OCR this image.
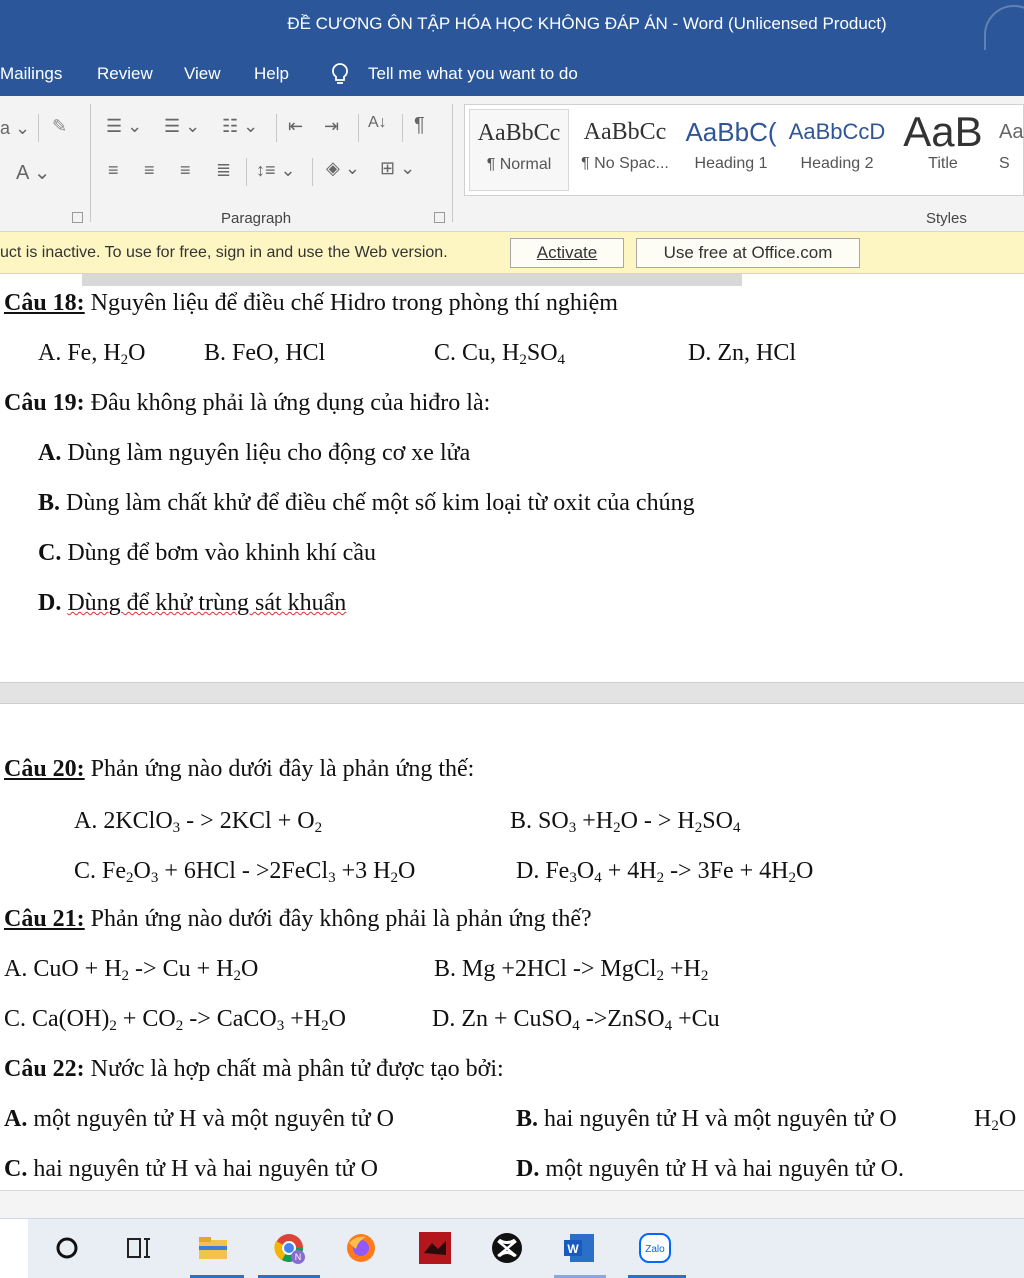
ĐỀ CƯƠNG ÔN TẬP HÓA HỌC KHÔNG ĐÁP ÁN - Word (Unlicensed Product)
Mailings Review View Help	Tell me what you want to do
a ⌄ ✎
A ⌄
☰ ⌄ ☰ ⌄ ☷ ⌄ ⇤ ⇥ A↓ ¶
≡ ≡ ≡ ≣ ↕≡ ⌄ ◈ ⌄ ⊞ ⌄
Paragraph
AaBbCc
¶ Normal
AaBbCc
¶ No Spac...
AaBbC(
Heading 1
AaBbCcD
Heading 2
AaB
Title
Aa
S
Styles
uct is inactive. To use for free, sign in and use the Web version.	Activate	Use free at Office.com
Câu 18: Nguyên liệu để điều chế Hidro trong phòng thí nghiệm
A. Fe, $H_2O$ B. FeO, HCl	C. Cu, $H_2SO_4$	D. Zn, HCl
Câu 19: Đâu không phải là ứng dụng của hiđro là:
A. Dùng làm nguyên liệu cho động cơ xe lửa
B. Dùng làm chất khử để điều chế một số kim loại từ oxit của chúng
C. Dùng để bơm vào khinh khí cầu
D. Dùng để khử trùng sát khuẩn
Câu 20: Phản ứng nào dưới đây là phản ứng thế:
A. 2KClO$_3$ - > $2KCl + O_2$	B. $SO_3 +H_2O$ - > $H_2SO_4$
C. $Fe_2O_3 + 6HCl$ - >2FeCl$_3$ +3 $H_2O$	D. $Fe_3O_4 + 4H_2 -> 3Fe + 4H_2O$
Câu 21: Phản ứng nào dưới đây không phải là phản ứng thế?
A. CuO + $H_2 -> Cu + H_2O$	B. Mg +2HCl -> MgCl$_2$ $+H_2$
C. $Ca(OH)_2 + CO_2$ -> CaCO$_3$ $+H_2O$	D. Zn + CuSO$_4$ ->ZnSO$_4$ +Cu
Câu 22: Nước là hợp chất mà phân tử được tạo bởi:
A. một nguyên tử H và một nguyên tử O	B. hai nguyên tử H và một nguyên tử O	$H_2O$
C. hai nguyên tử H và hai nguyên tử O	D. một nguyên tử H và hai nguyên tử O.
N
W	Zalo
